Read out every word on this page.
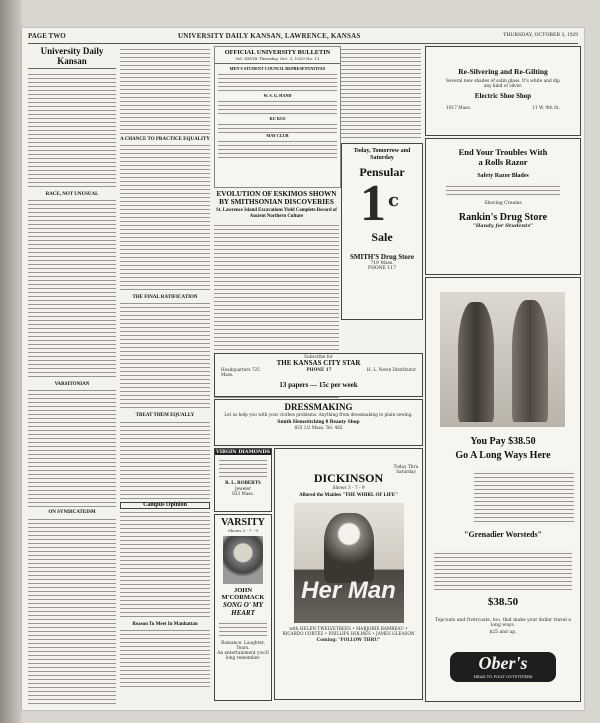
PAGE TWO	UNIVERSITY DAILY KANSAN, LAWRENCE, KANSAS	THURSDAY, OCTOBER 3, 1929
University Daily Kansan
RACE, NOT UNUSUAL
VARSITONIAN
ON SYNDICATEISM
A CHANCE TO PRACTICE EQUALITY
THE FINAL RATIFICATION
TREAT THEM EQUALLY
Campus Opinion
Reason To Meet In Manhattan
OFFICIAL UNIVERSITY BULLETIN
Vol. XXVIII Thursday, Oct. 3, 1929 No. 11
MEN'S STUDENT COUNCIL REPRESENTATIVES
W. S. G. HAND
KU KUS
MAY CLUB
EVOLUTION OF ESKIMOS SHOWN BY SMITHSONIAN DISCOVERIES
St. Lawrence Island Excavations Yield Complete Record of Ancient Northern Culture
Today, Tomorrow and Saturday
Pensular
1 c
Sale
SMITH'S Drug Store
719 Mass.
PHONE 117
Subscribe for
THE KANSAS CITY STAR
Headquarters 725 Mass.
PHONE 17	H. L. Nevin Distributor
13 papers — 15c per week
DRESSMAKING
Let us help you with your clothes problems. Anything from dressmaking to plain sewing.
Smith Hemstitching 8 Beauty Shop
833 1/2 Mass. Tel. 482
VIRGIN DIAMONDS
R. L. ROBERTS
Jeweler
833 Mass.
VARSITY
Shows 3 - 7 - 9
JOHN M'CORMACK
SONG O' MY HEART
Romance, Laughter, Tears.
An entertainment you'll long remember.
DICKINSON
Shows 3 - 7 - 9
Today Thru Saturday
Allured the Maiden "THE WHIRL OF LIFE"
Her Man
with HELEN TWELVETREES • MARJORIE RAMBEAU • RICARDO CORTEZ • PHILLIPS HOLMES • JAMES GLEASON
Coming: "FOLLOW THRU"
Re-Silvering and Re-Gilting
Several new shades of satin glass. It's white and dip any kind of silver.
Electric Shoe Shop
1017 Mass.	11 W. 9th St.
End Your Troubles With
a Rolls Razor
Safety Razor Blades
Shaving Creams
Rankin's Drug Store
"Handy for Students"
You Pay $38.50
Go A Long Ways Here
"Grenadier Worsteds"
$38.50
Topcoats and Overcoats, too, that make your dollar travel a long ways.
$25 and up.
Ober's
HEAD TO FOOT OUTFITTERS
